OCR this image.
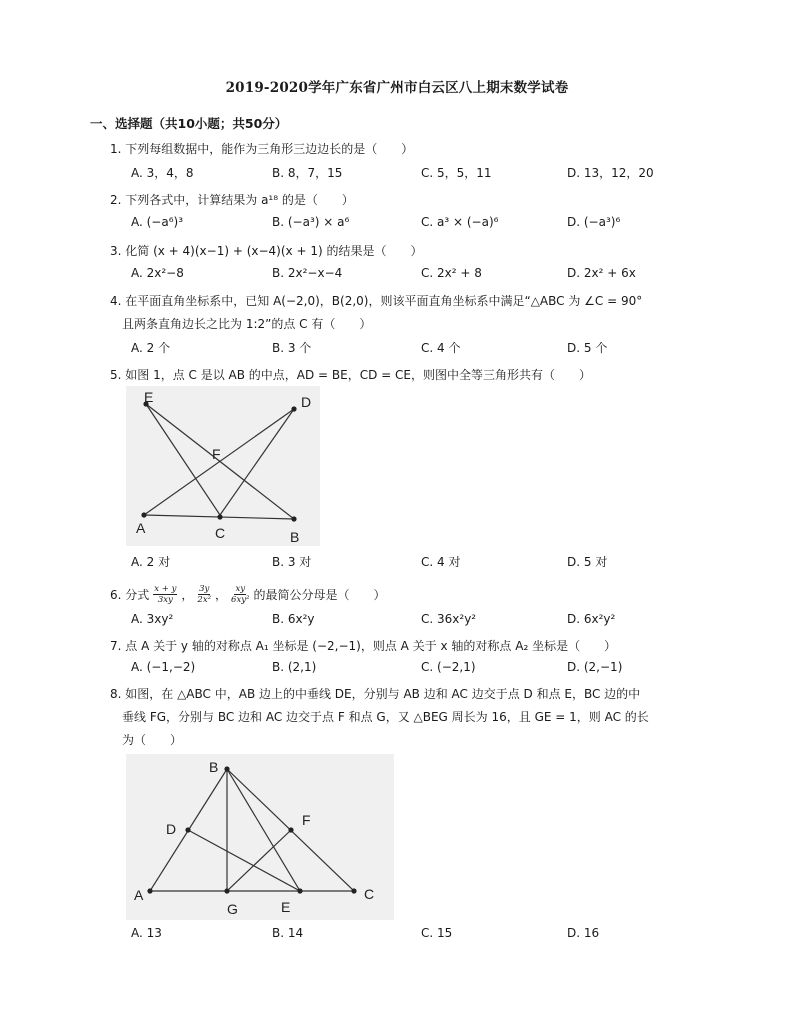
2019-2020学年广东省广州市白云区八上期末数学试卷
一、选择题（共10小题；共50分）
1. 下列每组数据中，能作为三角形三边边长的是（　　）
A. 3，4，8	B. 8，7，15	C. 5，5，11	D. 13，12，20
2. 下列各式中，计算结果为 a¹⁸ 的是（　　）
A. (−a⁶)³	B. (−a³) × a⁶	C. a³ × (−a)⁶	D. (−a³)⁶
3. 化简 (x + 4)(x−1) + (x−4)(x + 1) 的结果是（　　）
A. 2x²−8	B. 2x²−x−4	C. 2x² + 8	D. 2x² + 6x
4. 在平面直角坐标系中，已知 A(−2,0)，B(2,0)，则该平面直角坐标系中满足“△ABC 为 ∠C = 90°
且两条直角边长之比为 1:2”的点 C 有（　　）
A. 2 个	B. 3 个	C. 4 个	D. 5 个
5. 如图 1，点 C 是以 AB 的中点，AD = BE，CD = CE，则图中全等三角形共有（　　）
E	D
F
A	C	B
A. 2 对	B. 3 对	C. 4 对	D. 5 对
6. 分式 $\frac{x + y}{3xy}$ ， $\frac{3y}{\text{2x²}}$ ， $\frac{xy}{\text{6xy²}}$ 的最简公分母是（　　）
A. 3xy²	B. 6x²y	C. 36x²y²	D. 6x²y²
7. 点 A 关于 y 轴的对称点 A₁ 坐标是 (−2,−1)，则点 A 关于 x 轴的对称点 A₂ 坐标是（　　）
A. (−1,−2)	B. (2,1)	C. (−2,1)	D. (2,−1)
8. 如图，在 △ABC 中，AB 边上的中垂线 DE，分别与 AB 边和 AC 边交于点 D 和点 E，BC 边的中
垂线 FG，分别与 BC 边和 AC 边交于点 F 和点 G，又 △BEG 周长为 16，且 GE = 1，则 AC 的长
为（　　）
B
D
F
A
G	E
C
A. 13	B. 14	C. 15	D. 16
